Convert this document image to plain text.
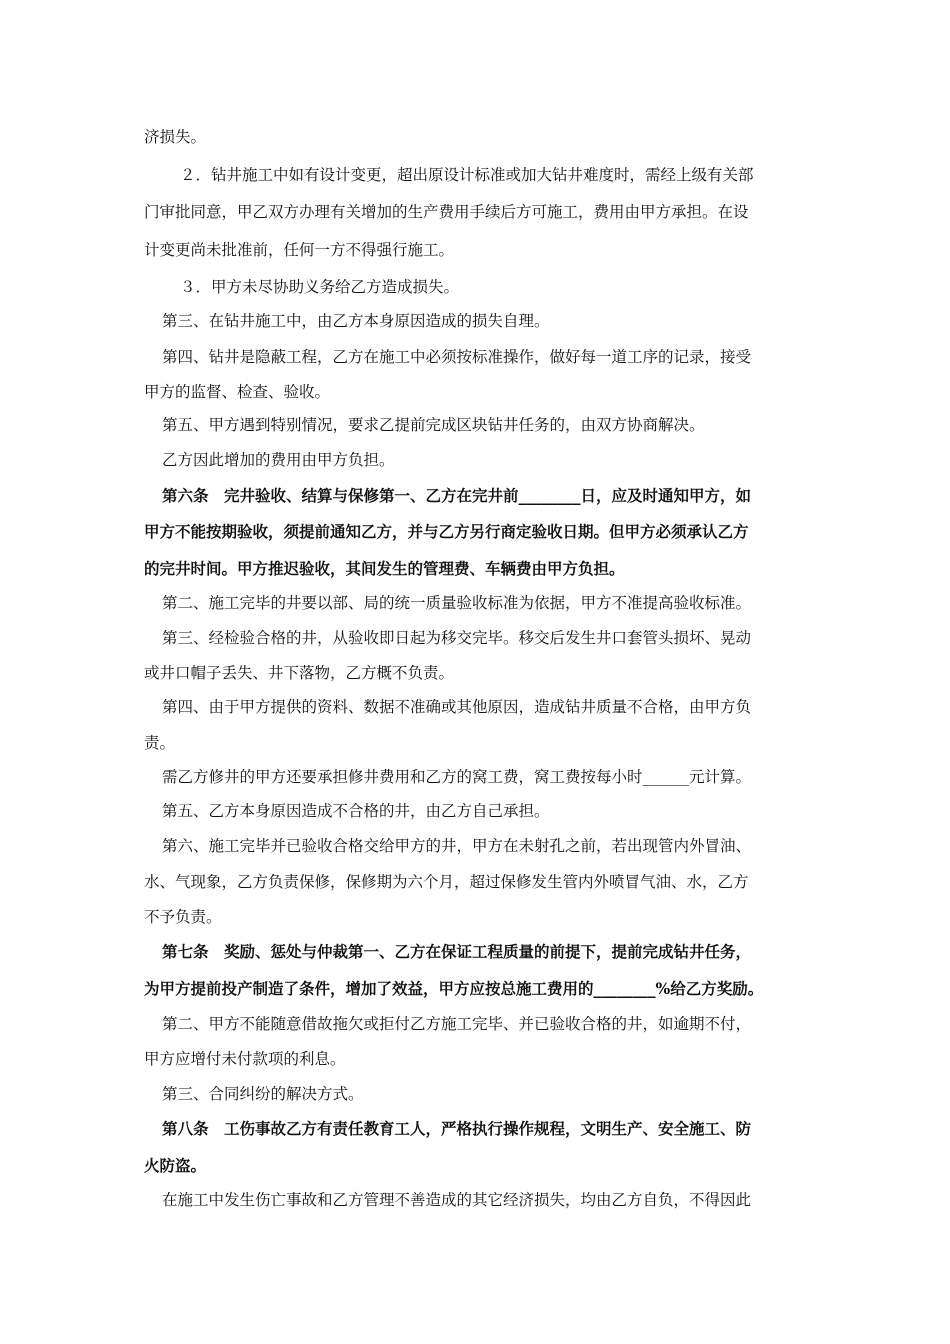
济损失。
２．钻井施工中如有设计变更，超出原设计标准或加大钻井难度时，需经上级有关部
门审批同意，甲乙双方办理有关增加的生产费用手续后方可施工，费用由甲方承担。在设
计变更尚未批准前，任何一方不得强行施工。
３．甲方未尽协助义务给乙方造成损失。
第三、在钻井施工中，由乙方本身原因造成的损失自理。
第四、钻井是隐蔽工程，乙方在施工中必须按标准操作，做好每一道工序的记录，接受
甲方的监督、检查、验收。
第五、甲方遇到特别情况，要求乙提前完成区块钻井任务的，由双方协商解决。
乙方因此增加的费用由甲方负担。
第六条　完井验收、结算与保修第一、乙方在完井前________日，应及时通知甲方，如
甲方不能按期验收，须提前通知乙方，并与乙方另行商定验收日期。但甲方必须承认乙方
的完井时间。甲方推迟验收，其间发生的管理费、车辆费由甲方负担。
第二、施工完毕的井要以部、局的统一质量验收标准为依据，甲方不准提高验收标准。
第三、经检验合格的井，从验收即日起为移交完毕。移交后发生井口套管头损坏、晃动
或井口帽子丢失、井下落物，乙方概不负责。
第四、由于甲方提供的资料、数据不准确或其他原因，造成钻井质量不合格，由甲方负
责。
需乙方修井的甲方还要承担修井费用和乙方的窝工费，窝工费按每小时______元计算。
第五、乙方本身原因造成不合格的井，由乙方自己承担。
第六、施工完毕并已验收合格交给甲方的井，甲方在未射孔之前，若出现管内外冒油、
水、气现象，乙方负责保修，保修期为六个月，超过保修发生管内外喷冒气油、水，乙方
不予负责。
第七条　奖励、惩处与仲裁第一、乙方在保证工程质量的前提下，提前完成钻井任务，
为甲方提前投产制造了条件，增加了效益，甲方应按总施工费用的________%给乙方奖励。
第二、甲方不能随意借故拖欠或拒付乙方施工完毕、并已验收合格的井，如逾期不付，
甲方应增付未付款项的利息。
第三、合同纠纷的解决方式。
第八条　工伤事故乙方有责任教育工人，严格执行操作规程，文明生产、安全施工、防
火防盗。
在施工中发生伤亡事故和乙方管理不善造成的其它经济损失，均由乙方自负，不得因此
